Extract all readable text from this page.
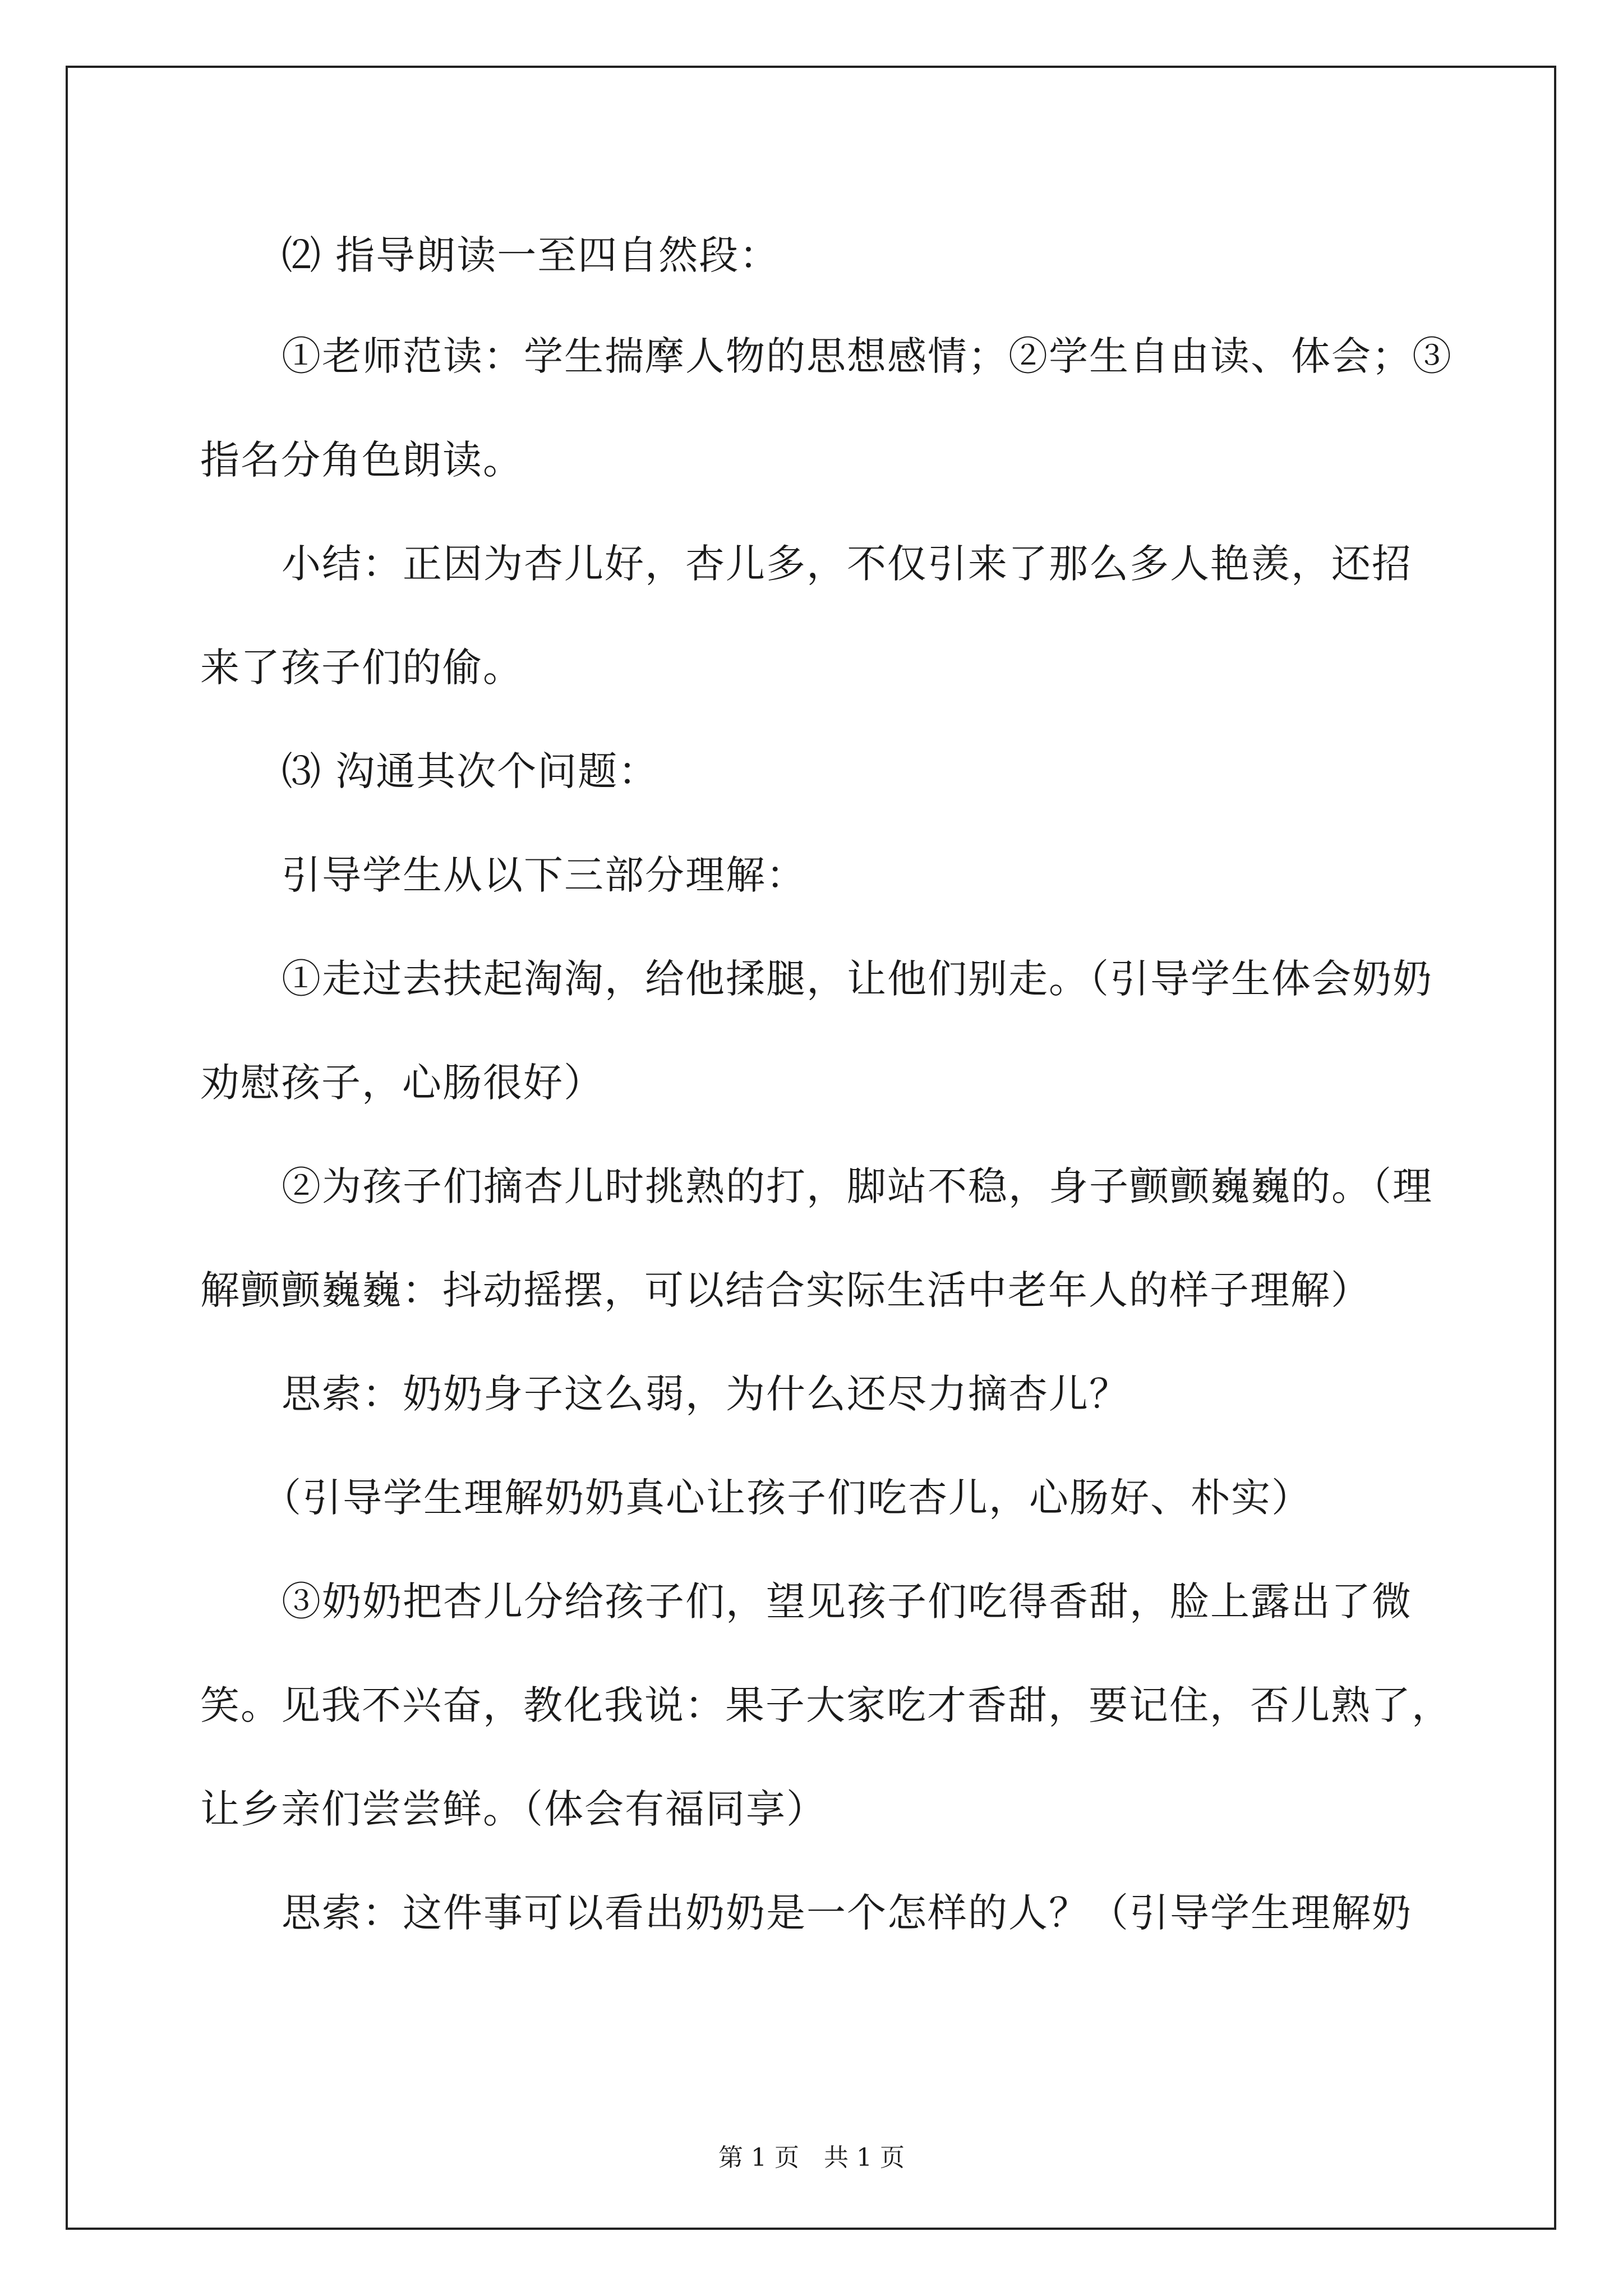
⑵ 指导朗读一至四自然段：
①老师范读：学生揣摩人物的思想感情；②学生自由读、体会；③
指名分角色朗读。
小结：正因为杏儿好，杏儿多，不仅引来了那么多人艳羡，还招
来了孩子们的偷。
⑶ 沟通其次个问题：
引导学生从以下三部分理解：
①走过去扶起淘淘，给他揉腿，让他们别走。（引导学生体会奶奶
劝慰孩子，心肠很好）
②为孩子们摘杏儿时挑熟的打，脚站不稳，身子颤颤巍巍的。（理
解颤颤巍巍：抖动摇摆，可以结合实际生活中老年人的样子理解）
思索：奶奶身子这么弱，为什么还尽力摘杏儿？
（引导学生理解奶奶真心让孩子们吃杏儿，心肠好、朴实）
③奶奶把杏儿分给孩子们，望见孩子们吃得香甜，脸上露出了微
笑。见我不兴奋，教化我说：果子大家吃才香甜，要记住，否儿熟了，
让乡亲们尝尝鲜。（体会有福同享）
思索：这件事可以看出奶奶是一个怎样的人？（引导学生理解奶
第 1 页　共 1 页
